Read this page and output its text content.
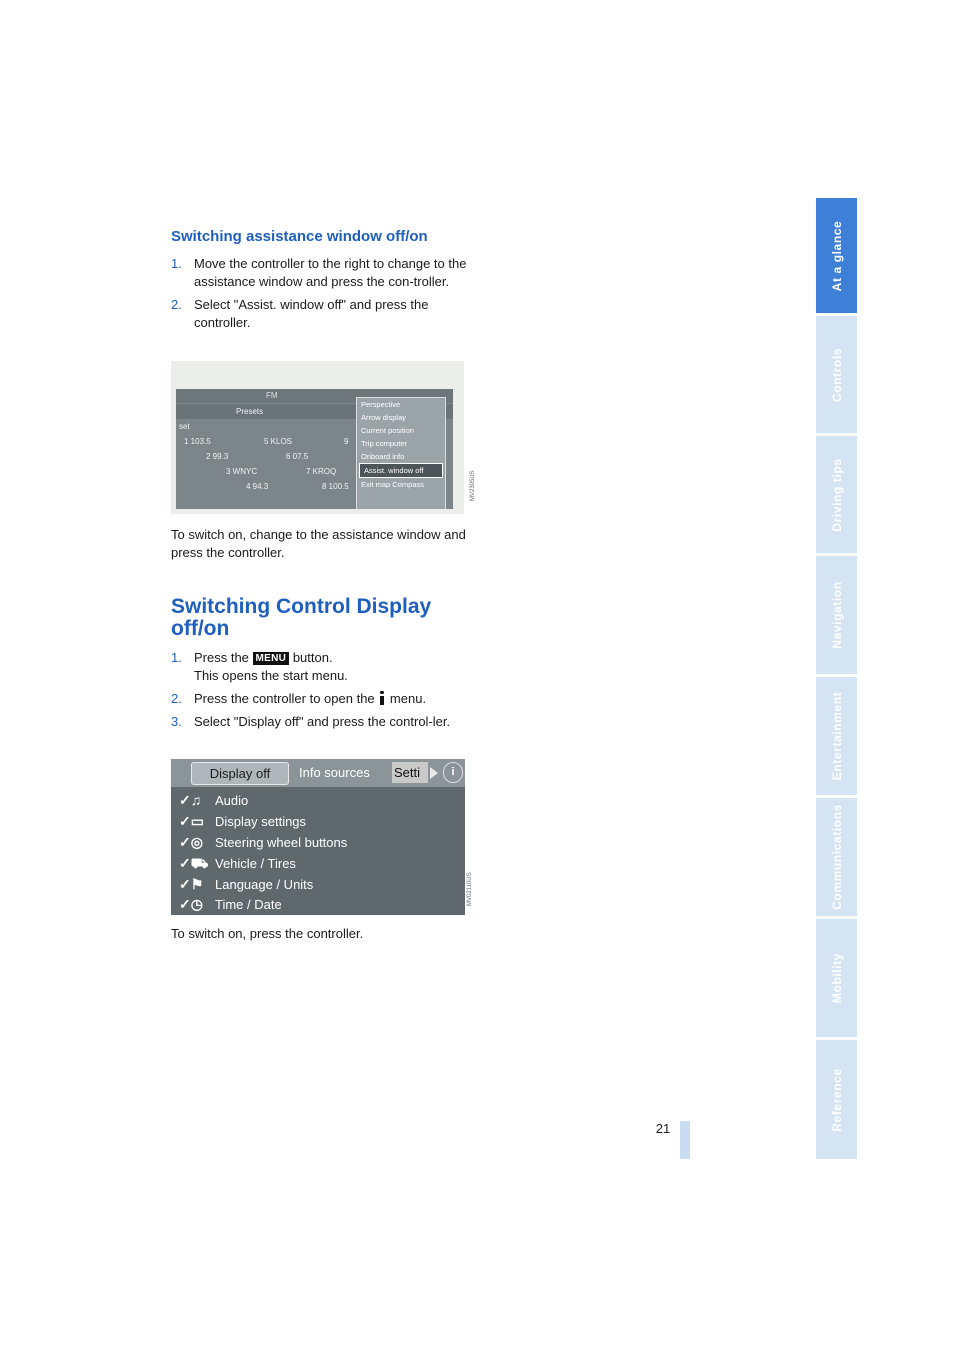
Switching assistance window off/on
1. Move the controller to the right to change to the assistance window and press the con-troller.
2. Select "Assist. window off" and press the controller.
FM
Presets
set
1 103.5	5 KLOS	9
2 99.3	6 07.5
3 WNYC	7 KROQ
4 94.3	8 100.5
Perspective
Arrow display
Current position
Trip computer
Onboard info
Assist. window off
Exit map Compass	MV2305US

To switch on, change to the assistance window and press the controller.

Switching Control Display off/on
1. Press the MENU button.
This opens the start menu.
2. Press the controller to open the menu.
3. Select "Display off" and press the control-ler.
Display off	Info sources Setti	i
✓♫	Audio
✓▭ Display settings
✓◎ Steering wheel buttons
✓⛟ Vehicle / Tires
✓⚑ Language / Units
✓◷ Time / Date	MV02110US

To switch on, press the controller.

At a glance
Controls
Driving tips
Navigation
Entertainment
Communications
Mobility
Reference
21
